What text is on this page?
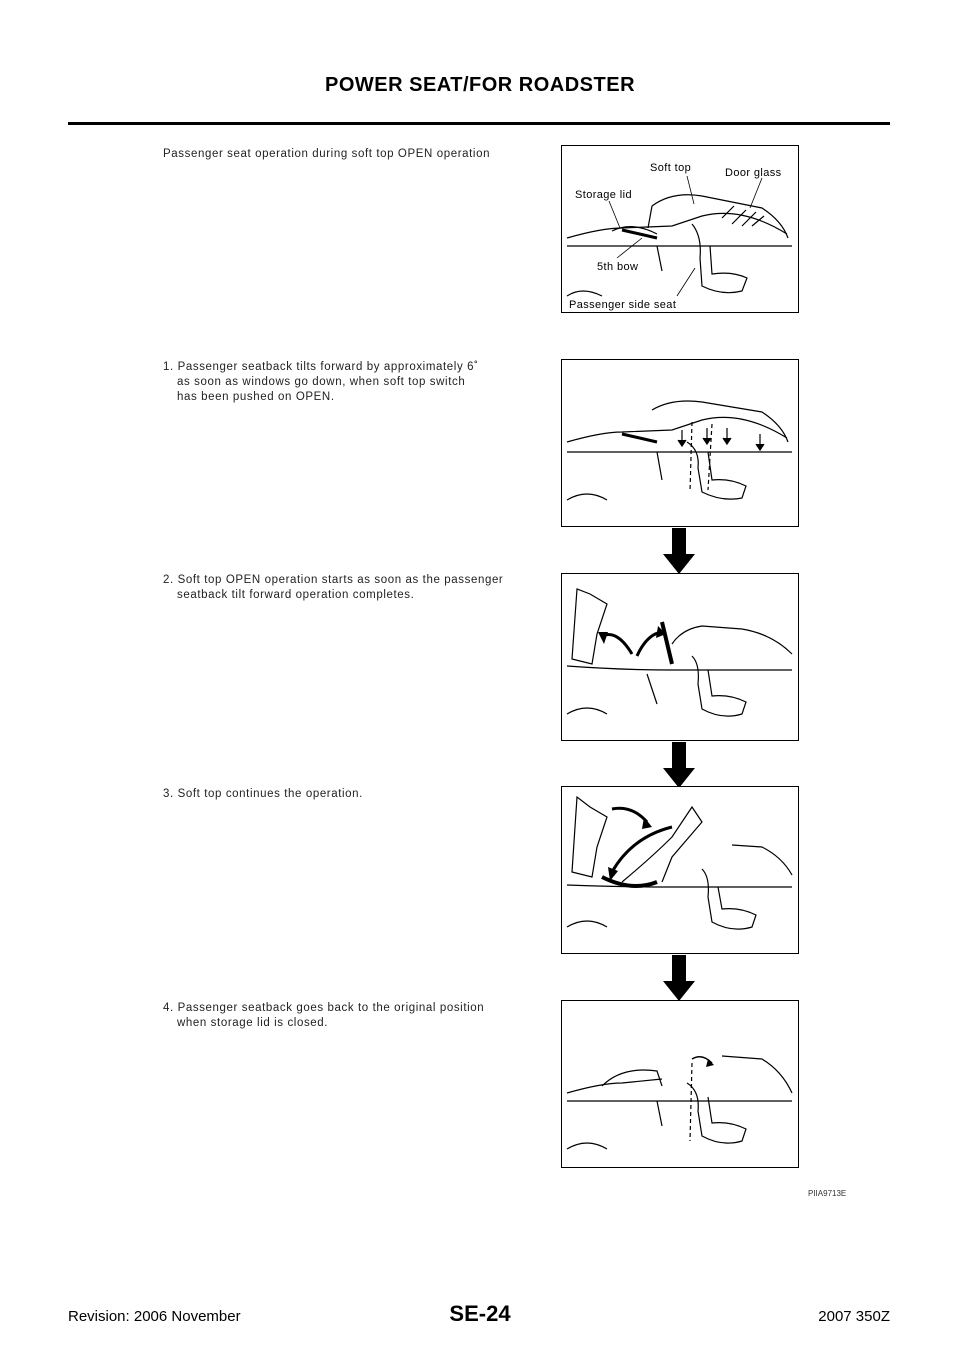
POWER SEAT/FOR ROADSTER
Passenger seat operation during soft top OPEN operation
Soft top	Door glass
Storage lid
5th bow
Passenger side seat
1. Passenger seatback tilts forward by approximately 6˚
as soon as windows go down, when soft top switch
has been pushed on OPEN.
2. Soft top OPEN operation starts as soon as the passenger
seatback tilt forward operation completes.
3. Soft top continues the operation.
4. Passenger seatback goes back to the original position
when storage lid is closed.
PIIA9713E
Revision: 2006 November	SE-24	2007 350Z
